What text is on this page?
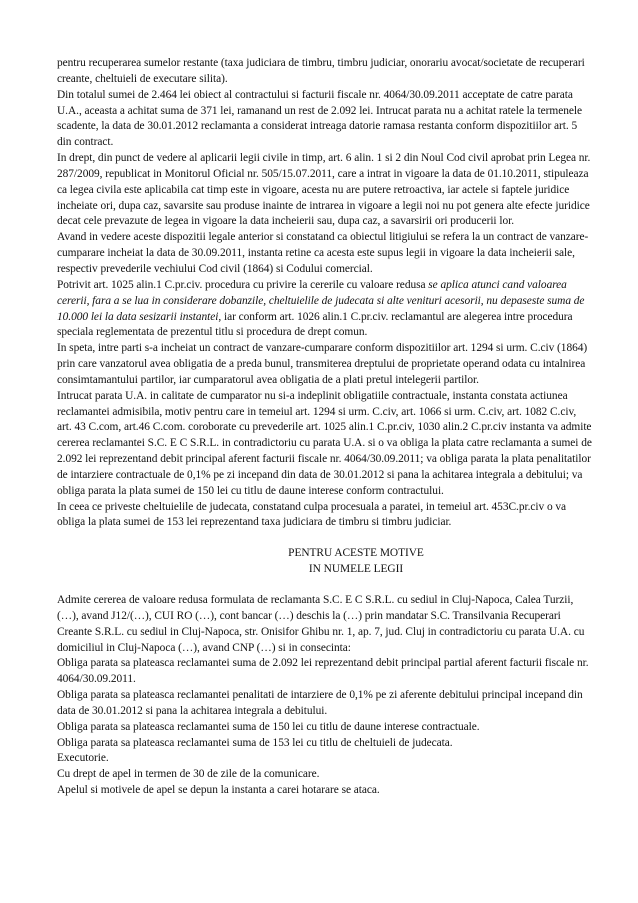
pentru recuperarea sumelor restante (taxa judiciara de timbru, timbru judiciar, onorariu avocat/societate de recuperari creante, cheltuieli de executare silita).

Din totalul sumei de 2.464 lei obiect al contractului si facturii fiscale nr. 4064/30.09.2011 acceptate de catre parata U.A., aceasta a achitat suma de 371 lei, ramanand un rest de 2.092 lei. Intrucat parata nu a achitat ratele la termenele scadente, la data de 30.01.2012 reclamanta a considerat intreaga datorie ramasa restanta conform dispozitiilor art. 5 din contract.

In drept, din punct de vedere al aplicarii legii civile in timp, art. 6 alin. 1 si 2 din Noul Cod civil aprobat prin Legea nr. 287/2009, republicat in Monitorul Oficial nr. 505/15.07.2011, care a intrat in vigoare la data de 01.10.2011, stipuleaza ca legea civila este aplicabila cat timp este in vigoare, acesta nu are putere retroactiva, iar actele si faptele juridice incheiate ori, dupa caz, savarsite sau produse inainte de intrarea in vigoare a legii noi nu pot genera alte efecte juridice decat cele prevazute de legea in vigoare la data incheierii sau, dupa caz, a savarsirii ori producerii lor.

Avand in vedere aceste dispozitii legale anterior si constatand ca obiectul litigiului se refera la un contract de vanzare-cumparare incheiat la data de 30.09.2011, instanta retine ca acesta este supus legii in vigoare la data incheierii sale, respectiv prevederile vechiului Cod civil (1864) si Codului comercial.

Potrivit art. 1025 alin.1 C.pr.civ. procedura cu privire la cererile cu valoare redusa se aplica atunci cand valoarea cererii, fara a se lua in considerare dobanzile, cheltuielile de judecata si alte venituri acesorii, nu depaseste suma de 10.000 lei la data sesizarii instantei, iar conform art. 1026 alin.1 C.pr.civ. reclamantul are alegerea intre procedura speciala reglementata de prezentul titlu si procedura de drept comun.

In speta, intre parti s-a incheiat un contract de vanzare-cumparare conform dispozitiilor art. 1294 si urm. C.civ (1864) prin care vanzatorul avea obligatia de a preda bunul, transmiterea dreptului de proprietate operand odata cu intalnirea consimtamantului partilor, iar cumparatorul avea obligatia de a plati pretul intelegerii partilor.

Intrucat parata U.A. in calitate de cumparator nu si-a indeplinit obligatiile contractuale, instanta constata actiunea reclamantei admisibila, motiv pentru care in temeiul art. 1294 si urm. C.civ, art. 1066 si urm. C.civ, art. 1082 C.civ, art. 43 C.com, art.46 C.com. coroborate cu prevederile art. 1025 alin.1 C.pr.civ, 1030 alin.2 C.pr.civ instanta va admite cererea reclamantei S.C. E C S.R.L. in contradictoriu cu parata U.A. si o va obliga la plata catre reclamanta a sumei de 2.092 lei reprezentand debit principal aferent facturii fiscale nr. 4064/30.09.2011; va obliga parata la plata penalitatilor de intarziere contractuale de 0,1% pe zi incepand din data de 30.01.2012 si pana la achitarea integrala a debitului; va obliga parata la plata sumei de 150 lei cu titlu de daune interese conform contractului.

In ceea ce priveste cheltuielile de judecata, constatand culpa procesuala a paratei, in temeiul art. 453C.pr.civ o va obliga la plata sumei de 153 lei reprezentand taxa judiciara de timbru si timbru judiciar.

PENTRU ACESTE MOTIVE
IN NUMELE LEGII

Admite cererea de valoare redusa formulata de reclamanta S.C. E C S.R.L. cu sediul in Cluj-Napoca, Calea Turzii, (…), avand J12/(…), CUI RO (…), cont bancar (…) deschis la (…) prin mandatar S.C. Transilvania Recuperari Creante S.R.L. cu sediul in Cluj-Napoca, str. Onisifor Ghibu nr. 1, ap. 7, jud. Cluj in contradictoriu cu parata U.A. cu domiciliul in Cluj-Napoca (…), avand CNP (…) si in consecinta:

Obliga parata sa plateasca reclamantei suma de 2.092 lei reprezentand debit principal partial aferent facturii fiscale nr. 4064/30.09.2011.

Obliga parata sa plateasca reclamantei penalitati de intarziere de 0,1% pe zi aferente debitului principal incepand din data de 30.01.2012 si pana la achitarea integrala a debitului.

Obliga parata sa plateasca reclamantei suma de 150 lei cu titlu de daune interese contractuale.

Obliga parata sa plateasca reclamantei suma de 153 lei cu titlu de cheltuieli de judecata.

Executorie.

Cu drept de apel in termen de 30 de zile de la comunicare.

Apelul si motivele de apel se depun la instanta a carei hotarare se ataca.
